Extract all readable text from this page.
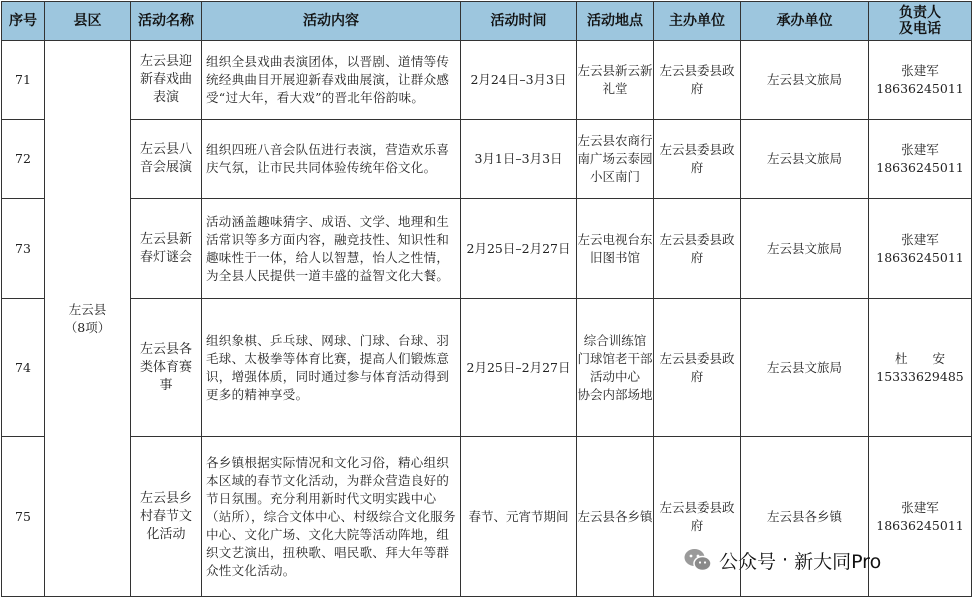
序号	县区	活动名称	活动内容	活动时间	活动地点	主办单位	承办单位	负责人
及电话

71	左云县
（8项）	左云县迎新春戏曲表演	组织全县戏曲表演团体，以晋剧、道情等传统经典曲目开展迎新春戏曲展演，让群众感受“过大年，看大戏”的晋北年俗韵味。	2月24日–3月3日	左云县新云新礼堂	左云县委县政府	左云县文旅局	张建军
18636245011

72		左云县八音会展演	组织四班八音会队伍进行表演，营造欢乐喜庆气氛，让市民共同体验传统年俗文化。	3月1日–3月3日	左云县农商行南广场云泰园小区南门	左云县委县政府	左云县文旅局	张建军
18636245011

73		左云县新春灯谜会	活动涵盖趣味猜字、成语、文学、地理和生活常识等多方面内容，融竞技性、知识性和趣味性于一体，给人以智慧，怡人之性情，为全县人民提供一道丰盛的益智文化大餐。	2月25日–2月27日	左云电视台东旧图书馆	左云县委县政府	左云县文旅局	张建军
18636245011

74		左云县各类体育赛事	组织象棋、乒乓球、网球、门球、台球、羽毛球、太极拳等体育比赛，提高人们锻炼意识，增强体质，同时通过参与体育活动得到更多的精神享受。	2月25日–2月27日	综合训练馆
门球馆老干部活动中心
协会内部场地	左云县委县政府	左云县文旅局	杜　　安
15333629485

75		左云县乡村春节文化活动	各乡镇根据实际情况和文化习俗，精心组织本区域的春节文化活动，为群众营造良好的节日氛围。充分利用新时代文明实践中心（站所），综合文体中心、村级综合文化服务中心、文化广场、文化大院等活动阵地，组织文艺演出，扭秧歌、唱民歌、拜大年等群众性文化活动。	春节、元宵节期间	左云县各乡镇	左云县委县政府	左云县各乡镇	张建军
18636245011
公众号 · 新大同Pro
